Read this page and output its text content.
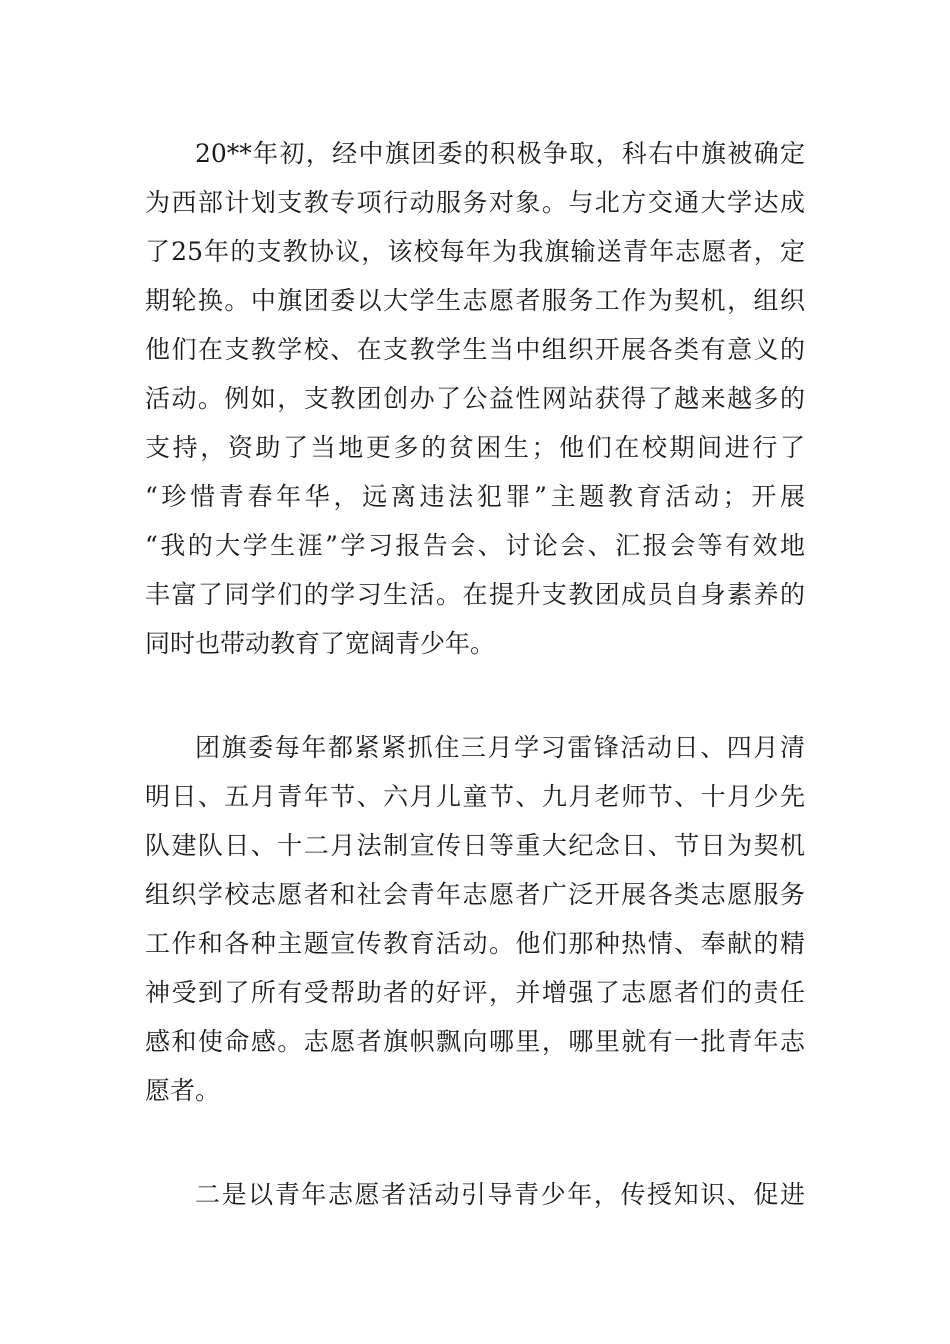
20**年初，经中旗团委的积极争取，科右中旗被确定
为西部计划支教专项行动服务对象。与北方交通大学达成
了25年的支教协议，该校每年为我旗输送青年志愿者，定
期轮换。中旗团委以大学生志愿者服务工作为契机，组织
他们在支教学校、在支教学生当中组织开展各类有意义的
活动。例如，支教团创办了公益性网站获得了越来越多的
支持，资助了当地更多的贫困生；他们在校期间进行了
“珍惜青春年华，远离违法犯罪”主题教育活动；开展
“我的大学生涯”学习报告会、讨论会、汇报会等有效地
丰富了同学们的学习生活。在提升支教团成员自身素养的
同时也带动教育了宽阔青少年。
团旗委每年都紧紧抓住三月学习雷锋活动日、四月清
明日、五月青年节、六月儿童节、九月老师节、十月少先
队建队日、十二月法制宣传日等重大纪念日、节日为契机
组织学校志愿者和社会青年志愿者广泛开展各类志愿服务
工作和各种主题宣传教育活动。他们那种热情、奉献的精
神受到了所有受帮助者的好评，并增强了志愿者们的责任
感和使命感。志愿者旗帜飘向哪里，哪里就有一批青年志
愿者。
二是以青年志愿者活动引导青少年，传授知识、促进
